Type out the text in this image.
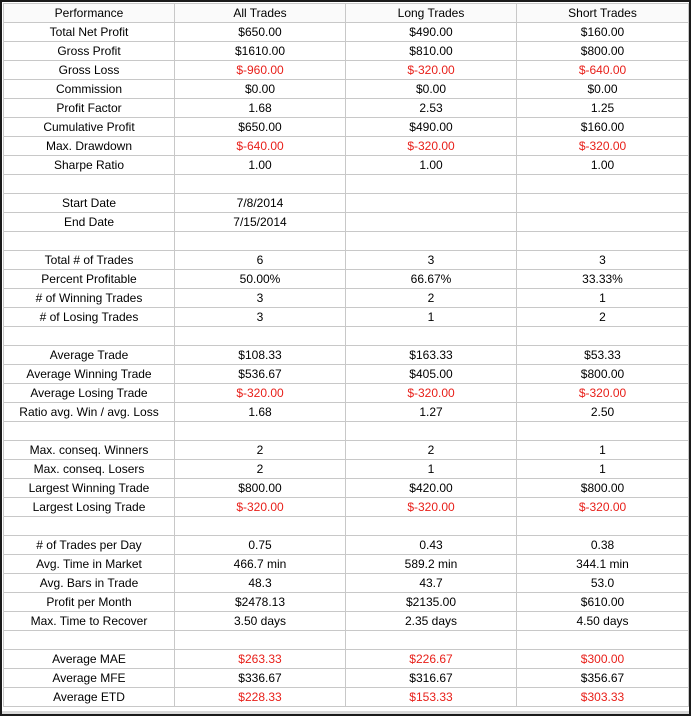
Performance	All Trades	Long Trades	Short Trades
Total Net Profit	$650.00	$490.00	$160.00
Gross Profit	$1610.00	$810.00	$800.00
Gross Loss	$-960.00	$-320.00	$-640.00
Commission	$0.00	$0.00	$0.00
Profit Factor	1.68	2.53	1.25
Cumulative Profit	$650.00	$490.00	$160.00
Max. Drawdown	$-640.00	$-320.00	$-320.00
Sharpe Ratio	1.00	1.00	1.00

Start Date	7/8/2014		
End Date	7/15/2014		

Total # of Trades	6	3	3
Percent Profitable	50.00%	66.67%	33.33%
# of Winning Trades	3	2	1
# of Losing Trades	3	1	2

Average Trade	$108.33	$163.33	$53.33
Average Winning Trade	$536.67	$405.00	$800.00
Average Losing Trade	$-320.00	$-320.00	$-320.00
Ratio avg. Win / avg. Loss	1.68	1.27	2.50

Max. conseq. Winners	2	2	1
Max. conseq. Losers	2	1	1
Largest Winning Trade	$800.00	$420.00	$800.00
Largest Losing Trade	$-320.00	$-320.00	$-320.00

# of Trades per Day	0.75	0.43	0.38
Avg. Time in Market	466.7 min	589.2 min	344.1 min
Avg. Bars in Trade	48.3	43.7	53.0
Profit per Month	$2478.13	$2135.00	$610.00
Max. Time to Recover	3.50 days	2.35 days	4.50 days

Average MAE	$263.33	$226.67	$300.00
Average MFE	$336.67	$316.67	$356.67
Average ETD	$228.33	$153.33	$303.33
